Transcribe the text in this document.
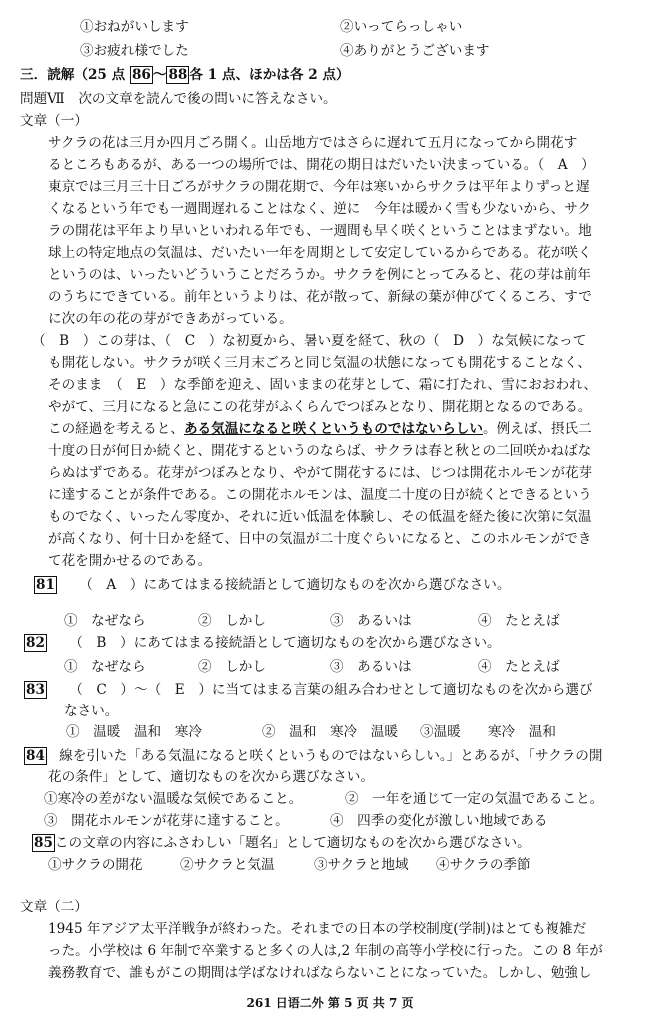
①おねがいします	②いってらっしゃい
③お疲れ様でした	④ありがとうございます
三．読解（25 点 86 〜 88 各 1 点、ほかは各 2 点）
問題Ⅶ　次の文章を読んで後の問いに答えなさい。
文章（一）
サクラの花は三月か四月ごろ開く。山岳地方ではさらに遅れて五月になってから開花す
るところもあるが、ある一つの場所では、開花の期日はだいたい決まっている。（　A　）
東京では三月三十日ごろがサクラの開花期で、今年は寒いからサクラは平年よりずっと遅
くなるという年でも一週間遅れることはなく、逆に　今年は暖かく雪も少ないから、サク
ラの開花は平年より早いといわれる年でも、一週間も早く咲くということはまずない。地
球上の特定地点の気温は、だいたい一年を周期として安定しているからである。花が咲く
というのは、いったいどういうことだろうか。サクラを例にとってみると、花の芽は前年
のうちにできている。前年というよりは、花が散って、新緑の葉が伸びてくるころ、すで
に次の年の花の芽ができあがっている。
（　B　）この芽は、（　C　）な初夏から、暑い夏を経て、秋の（　D　）な気候になって
も開花しない。サクラが咲く三月末ごろと同じ気温の状態になっても開花することなく、
そのまま　（　E　）な季節を迎え、固いままの花芽として、霜に打たれ、雪におおわれ、
やがて、三月になると急にこの花芽がふくらんでつぼみとなり、開花期となるのである。
この経過を考えると、ある気温になると咲くというものではないらしい。例えば、摂氏二
十度の日が何日か続くと、開花するというのならば、サクラは春と秋との二回咲かねばな
らぬはずである。花芽がつぼみとなり、やがて開花するには、じつは開花ホルモンが花芽
に達することが条件である。この開花ホルモンは、温度二十度の日が続くとできるという
ものでなく、いったん零度か、それに近い低温を体験し、その低温を経た後に次第に気温
が高くなり、何十日かを経て、日中の気温が二十度ぐらいになると、このホルモンができ
て花を開かせるのである。
81 （　A　）にあてはまる接続語として適切なものを次から選びなさい。
①　なぜなら	②　しかし	③　あるいは	④　たとえば
82 （　B　）にあてはまる接続語として適切なものを次から選びなさい。
①　なぜなら	②　しかし	③　あるいは	④　たとえば
83 （　C　）〜（　E　）に当てはまる言葉の組み合わせとして適切なものを次から選び
なさい。
①　温暖　温和　寒冷	②　温和　寒冷　温暖 ③温暖　　寒冷　温和
84 線を引いた「ある気温になると咲くというものではないらしい。」とあるが、「サクラの開
花の条件」として、適切なものを次から選びなさい。
①寒冷の差がない温暖な気候であること。	②　一年を通じて一定の気温であること。
③　開花ホルモンが花芽に達すること。	④　四季の変化が激しい地域である
85 この文章の内容にふさわしい「題名」として適切なものを次から選びなさい。
①サクラの開花	②サクラと気温	③サクラと地域 ④サクラの季節
文章（二）
1945 年アジア太平洋戦争が終わった。それまでの日本の学校制度(学制)はとても複雑だ
った。小学校は 6 年制で卒業すると多くの人は,2 年制の高等小学校に行った。この 8 年が
義務教育で、誰もがこの期間は学ばなければならないことになっていた。しかし、勉強し
261 日语二外 第 5 页 共 7 页
